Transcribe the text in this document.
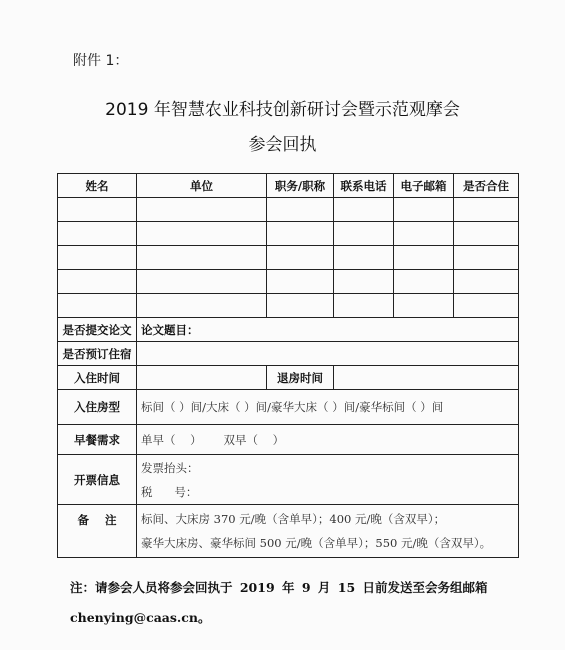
附件 1：
2019 年智慧农业科技创新研讨会暨示范观摩会
参会回执
姓名	单位	职务/职称	联系电话	电子邮箱	是否合住

是否提交论文	论文题目：				
是否预订住宿					
入住时间		退房时间			
入住房型	标间（ ）间/大床（ ）间/豪华大床（ ）间/豪华标间（ ）间				
早餐需求	单早（    ）      双早（    ）				
开票信息	发票抬头：
税      号：				

备    注	标间、大床房 370 元/晚（含单早）；400 元/晚（含双早）；
豪华大床房、豪华标间 500 元/晚（含单早）；550 元/晚（含双早）。				
注：请参会人员将参会回执于 2019 年 9 月 15 日前发送至会务组邮箱
chenying@caas.cn。
